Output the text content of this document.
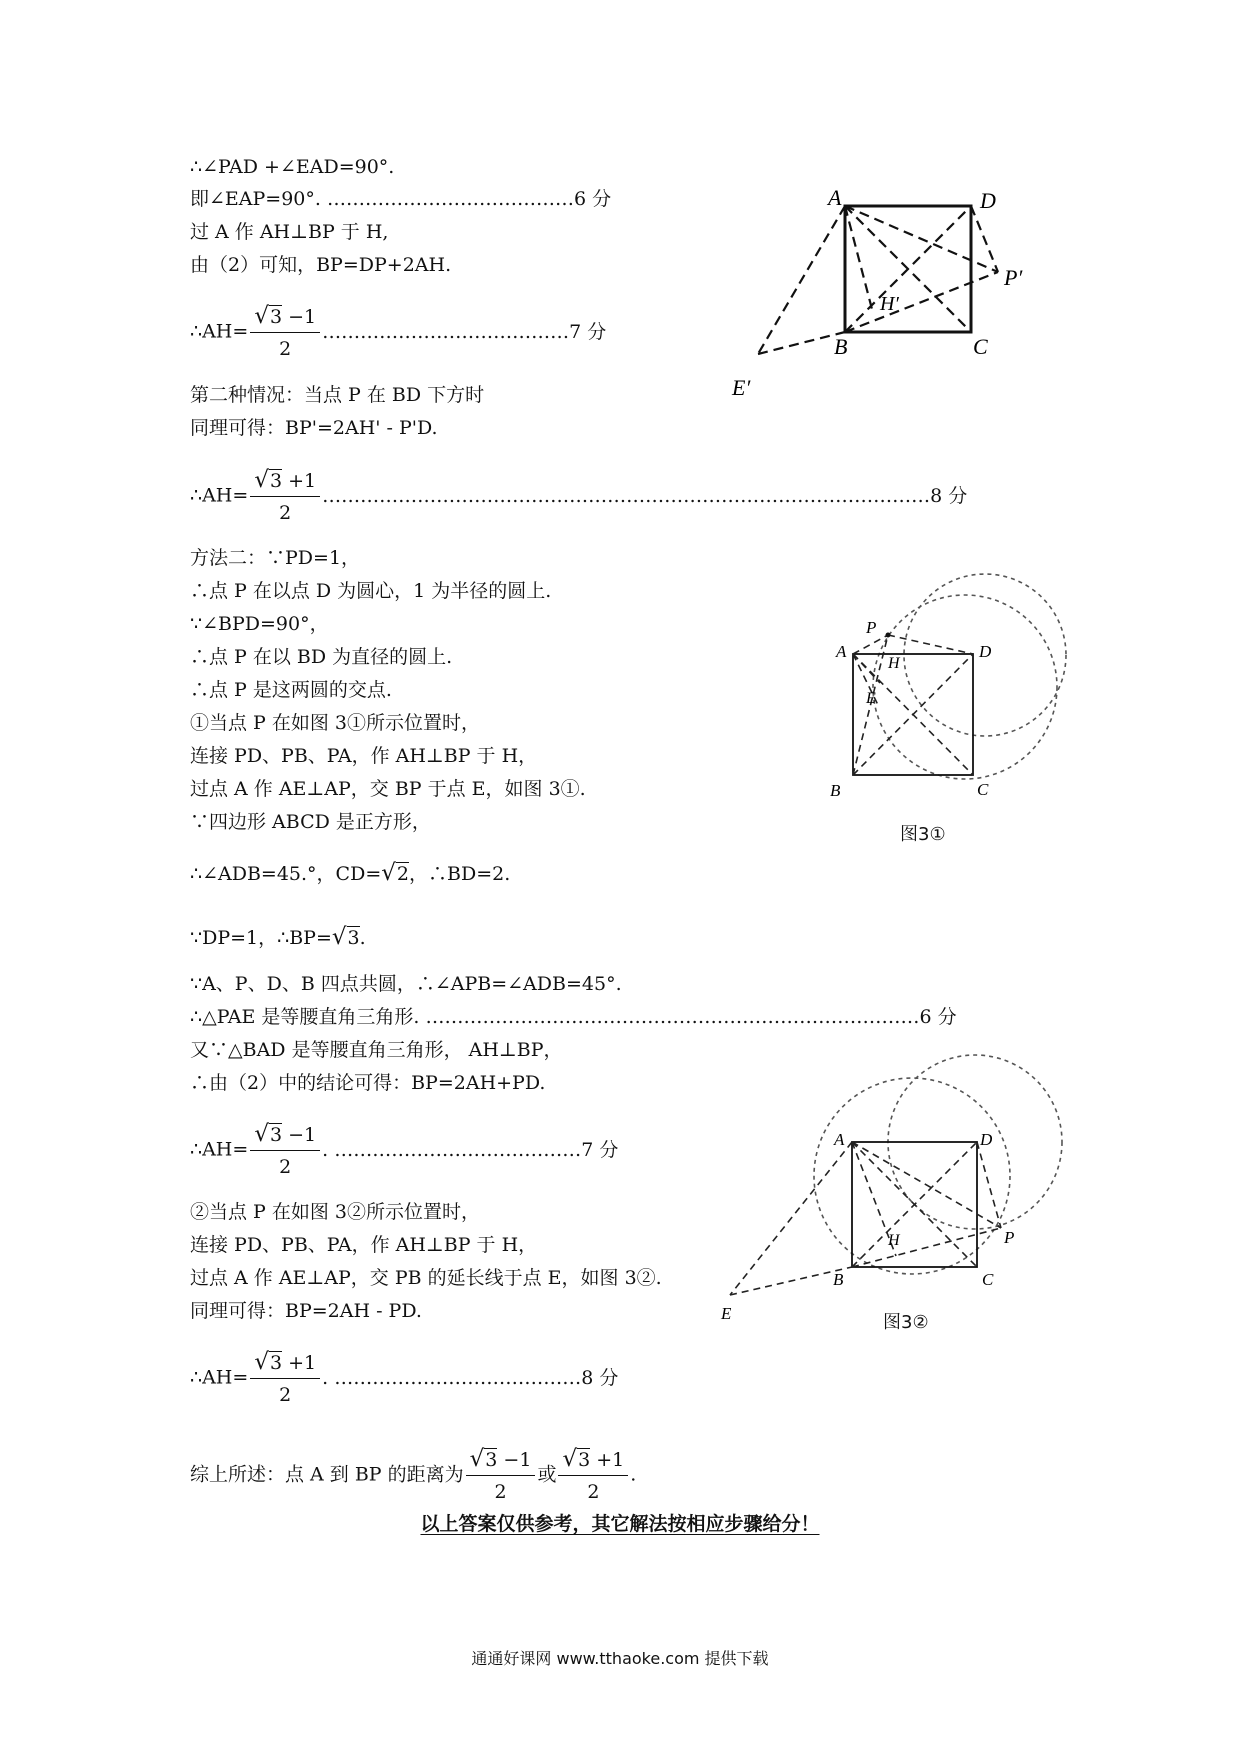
∴∠PAD +∠EAD=90°.
即∠EAP=90°. …………………………………6 分
过 A 作 AH⊥BP 于 H,
由（2）可知，BP=DP+2AH.
∴AH= $\frac{√3 -1}{2}$ …………………………………7 分
第二种情况：当点 P 在 BD 下方时
同理可得：BP'=2AH' - P'D.
∴AH= $\frac{√3 +1}{2}$ ……………………………………………………………………………………8 分
方法二：∵PD=1，
∴点 P 在以点 D 为圆心，1 为半径的圆上.
∵∠BPD=90°，
∴点 P 在以 BD 为直径的圆上.
∴点 P 是这两圆的交点.
①当点 P 在如图 3①所示位置时，
连接 PD、PB、PA，作 AH⊥BP 于 H，
过点 A 作 AE⊥AP，交 BP 于点 E，如图 3①.
∵四边形 ABCD 是正方形，
∴∠ADB=45.°，CD=√2，∴BD=2.
∵DP=1，∴BP=√3.
∵A、P、D、B 四点共圆，∴∠APB=∠ADB=45°.
∴△PAE 是等腰直角三角形. ……………………………………………………………………6 分
又∵△BAD 是等腰直角三角形， AH⊥BP，
∴由（2）中的结论可得：BP=2AH+PD.
∴AH= $\frac{√3 -1}{2}$ . …………………………………7 分
②当点 P 在如图 3②所示位置时，
连接 PD、PB、PA，作 AH⊥BP 于 H，
过点 A 作 AE⊥AP，交 PB 的延长线于点 E，如图 3②.
同理可得：BP=2AH - PD.
∴AH= $\frac{√3 +1}{2}$ . …………………………………8 分
综上所述：点 A 到 BP 的距离为 $\frac{√3 -1}{2}$ 或 $\frac{√3 +1}{2}$ .
以上答案仅供参考，其它解法按相应步骤给分！
通通好课网 www.tthaoke.com 提供下载
A	D
B	C
H′
P′
E′
P
A	D
H
E
B	C
图3①
A	D
H	P
B	C
E	图3②
